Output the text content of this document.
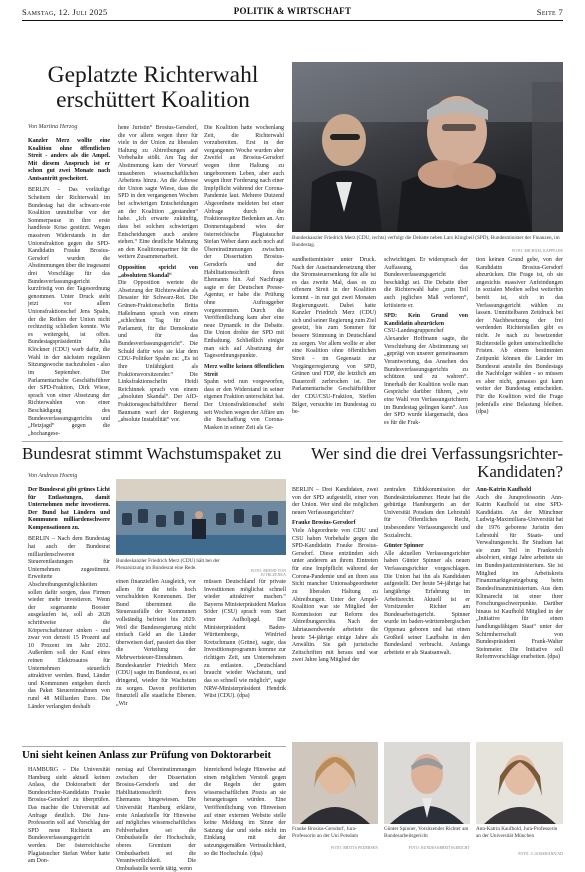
Samstag, 12. Juli 2025	POLITIK & WIRTSCHAFT	Seite 7
Geplatzte Richterwahl erschüttert Koalition
Von Martina Herzog
Kanzler Merz wollte eine Koalition ohne öffentlichen Streit - anders als die Ampel. Mit diesem Anspruch ist er schon gut zwei Monate nach Amtsantritt gescheitert.
BERLIN – Das vorläufige Scheitern der Richterwahl im Bundestag hat die schwarz-rote Koalition unmittelbar vor der Sommerpause in ihre erste handfeste Krise gestürzt. Wegen massiven Widerstands in der Unionsfraktion gegen die SPD-Kandidatin Frauke Brosius-Gersdorf wurden die Abstimmungen über die insgesamt drei Vorschläge für das Bundesverfassungsgericht kurzfristig von der Tagesordnung genommen. Unter Druck steht jetzt vor allem Unionsfraktionschef Jens Spahn, der die Reihen der Union nicht rechtzeitig schließen konnte. Wie es weitergeht, ist offen. Bundestagspräsidentin Julia Klöckner (CDU) warb dafür, die Wahl in der nächsten regulären Sitzungswoche nachzuholen - also im September. Der Parlamentarische Geschäftsführer der SPD-Fraktion, Dirk Wiese, sprach von einer Absetzung der Richterwahlen von einer Beschädigung des Bundesverfassungsgerichts und „Hetzjagd“ gegen die „hochangese-

hene Juristin“ Brosius-Gersdorf, die vor allem wegen ihrer für viele in der Union zu liberalen Haltung zu Abtreibungen auf Vorbehalte stößt. Am Tag der Abstimmung kam der Vorwurf unsauberen wissenschaftlichen Arbeitens hinzu. An die Adresse der Union sagte Wiese, dass die SPD in den vergangenen Wochen bei schwierigen Entscheidungen an der Koalition „gestanden“ habe. „Ich erwarte zukünftig, dass bei solchen schwierigen Entscheidungen auch andere stehen.“ Eine deutliche Mahnung an den Koalitionspartner für die weitere Zusammenarbeit.

Opposition spricht von „absolutem Skandal“

Die Opposition wertete die Absetzung der Richterwahlen als Desaster für Schwarz-Rot. Die Grünen-Fraktionschefin Britta Haßelmann sprach von einem „schlechten Tag für das Parlament, für die Demokratie und für das Bundesverfassungsgericht“. Die Schuld dafür wies sie klar dem CDU-Politiker Spahn zu: „Es ist Ihre Unfähigkeit als Fraktionsvorsitzender.“ Die Linksfraktionschefin Heidi Reichinnek sprach von einem „absoluten Skandal“. Der AfD-Fraktionsgeschäftsführer Bernd Baumann warf der Regierung „absolute Instabilität“ vor.

Die Koalition hatte wochenlang Zeit, die Richterwahl vorzubereiten. Erst in der vergangenen Woche wurden aber Zweifel an Brosius-Gersdorf wegen ihrer Haltung zu ungeborenem Leben, aber auch wegen ihrer Forderung nach einer Impfpflicht während der Corona-Pandemie laut. Mehrere Dutzend Abgeordnete meldeten bei einer Abfrage durch die Fraktionsspitze Bedenken an. Am Donnerstagabend wies der österreichische Plagiatsucher Stefan Weber dann auch noch auf Übereinstimmungen zwischen der Dissertation Brosius-Gersdorfs und der Habilitationsschrift ihres Ehemanns hin. Auf Nachfrage sagte er der Deutschen Presse-Agentur, er habe die Prüfung ohne Auftraggeber vorgenommen. Durch die Veröffentlichung kam aber eine neue Dynamik in die Debatte. Die Union drohte der SPD mit Enthaltung. Schließlich einigte man sich auf Absetzung der Tagesordnungspunkte.

Merz wollte keinen öffentlichen Streit

Spahn wird nun vorgeworfen, dass er den Widerstand in seiner eigenen Fraktion unterschätzt hat. Der Unionsfraktionschef steht seit Wochen wegen der Affäre um die Beschaffung von Corona-Masken in seiner Zeit als Ge-

Bundeskanzler Friedrich Merz (CDU, rechts) verfolgt die Debatte neben Lars Klingbeil (SPD), Bundesminister der Finanzen, im Bundestag.
FOTO: MICHAEL KAPPELER

sundheitsminister unter Druck. Nach der Auseinandersetzung über die Stromsteuersenkung für alle ist es das zweite Mal, dass es zu offenem Streit in der Koalition kommt - in nur gut zwei Monaten Regierungszeit. Dabei hatte Kanzler Friedrich Merz (CDU) sich und seiner Regierung zum Ziel gesetzt, bis zum Sommer für bessere Stimmung in Deutschland zu sorgen. Vor allem wollte er aber eine Koalition ohne öffentlichen Streit - im Gegensatz zur Vorgängerregierung von SPD, Grünen und FDP, die letztlich am Dauerzoff zerbrochen ist. Der Parlamentarische Geschäftsführer der CDU/CSU-Fraktion, Steffen Bilger, versuchte im Bundestag zu be-

schwichtigen. Er widersprach der Auffassung, das Bundesverfassungsgericht beschädigt sei. Die Debatte über die Richterwahl habe „zum Teil auch jegliches Maß verloren“, kritisierte er.

SPD: Kein Grund von Kandidatin abzurücken

CSU-Landesgruppenchef Alexander Hoffmann sagte, die Verschiebung der Abstimmung sei „geprägt von unserer gemeinsamen Verantwortung, das Ansehen des Bundesverfassungsgerichts zu schützen und zu wahren“. Innerhalb der Koalition wolle man Gespräche darüber führen, „wie eine Wahl von Verfassungsrichtern im Bundestag gelingen kann“. Aus der SPD wurde klargemacht, dass es für die Frak-

tion keinen Grund gebe, von der Kandidatin Brosius-Gersdorf abzurücken. Die Frage ist, ob sie angesichts massiver Anfeindungen in sozialen Medien selbst weiterhin bereit ist, sich in das Verfassungsgericht wählen zu lassen. Unmittelbaren Zeitdruck bei der Nachbesetzung der frei werdenden Richterstellen gibt es nicht. Je nach zu besetzender Richterstelle gelten unterschiedliche Fristen. Ab einem bestimmten Zeitpunkt können die Länder im Bundesrat anstelle des Bundestags die Nachfolger wählen - so müssen es aber nicht, genauso gut kann weiter der Bundestag entscheiden. Für die Koalition wird die Frage jedenfalls eine Belastung bleiben. (dpa)

Bundesrat stimmt Wachstumspaket zu
Von Andreas Hoenig
Der Bundesrat gibt grünes Licht für Entlastungen, damit Unternehmen mehr investieren. Der Bund hat Ländern und Kommunen milliardenschwere Kompensationen zu.
BERLIN – Nach dem Bundestag hat auch der Bundesrat milliardenschweren Steuerentlastungen für Unternehmen zugestimmt. Erweiterte Abschreibungsmöglichkeiten sollen dafür sorgen, dass Firmen wieder mehr investieren. Wenn der sogenannte Booster ausgelaufen ist, soll ab 2028 schrittweise die Körperschaftsteuer sinken - und zwar von derzeit 15 Prozent auf 10 Prozent im Jahr 2032. Außerdem soll der Kauf eines reinen Elektroautos für Unternehmen steuerlich attraktiver werden. Bund, Länder und Kommunen entgehen durch das Paket Steuereinnahmen von rund 48 Milliarden Euro. Die Länder verlangten deshalb
Bundeskanzler Friedrich Merz (CDU) hält bei der Plenarsitzung im Bundesrat eine Rede.
FOTO: BERND VON JUTRCZENKA

einen finanziellen Ausgleich, vor allem für die teils hoch verschuldeten Kommunen. Der Bund übernimmt die Steuerausfälle der Kommunen vollständig befristet bis 2029. Weil die Bundesregierung nicht einfach Geld an die Länder überweisen darf, passiert das über die Verteilung der Mehrwertsteuer-Einnahmen. Bundeskanzler Friedrich Merz (CDU) sagte im Bundesrat, es sei dringend, wieder für Wachstum zu sorgen. Davon profitierten finanziell alle staatliche Ebenen. „Wir

müssen Deutschland für private Investitionen möglichst schnell wieder attraktiver machen.“ Bayerns Ministerpräsident Markus Söder (CSU) sprach vom Start einer Aufholjagd. Der Ministerpräsident Baden-Württembergs, Winfried Kretschmann (Grüne), sagte, das Investitionsprogramm komme zur richtigen Zeit, um Unternehmen zu entlasten. „Deutschland braucht wieder Wachstum, und das so schnell wie möglich“, sagte NRW-Ministerpräsident Hendrik Wüst (CDU). (dpa)

Wer sind die drei Verfassungsrichter-Kandidaten?

BERLIN – Drei Kandidaten, zwei von der SPD aufgestellt, einer von der Union. Wer sind die möglichen neuen Verfassungsrichter?

Frauke Brosius-Gersdorf

Viele Abgeordnete von CDU und CSU haben Vorbehalte gegen die SPD-Kandidatin Frauke Brosius-Gersdorf. Diese entzünden sich unter anderem an ihrem Eintreten für eine Impfpflicht während der Corona-Pandemie und an ihren aus Sicht mancher Unionsabgeordneter zu liberalen Haltung zu Abtreibungen. Unter der Ampel-Koalition war sie Mitglied der Kommission zur Reform des Abtreibungsrechts. Nach der Jahrtausendwende arbeitete die heute 54-jährige einige Jahre als Anwältin. Sie gab juristische Zeitschriften mit heraus und war zwei Jahre lang Mitglied der

zentralen Ethikkommission der Bundesärztekammer. Heute hat die gebürtige Hamburgerin an der Universität Potsdam den Lehrstuhl für Öffentliches Recht, insbesondere Verfassungsrecht und Sozialrecht.

Günter Spinner

Alle aktuellen Verfassungsrichter haben Günter Spinner als neuen Verfassungsrichter vorgeschlagen. Die Union hat ihn als Kandidaten aufgestellt. Der heute 54-jährige hat langjährige Erfahrung im Arbeitsrecht. Aktuell ist er Vorsitzender Richter am Bundesarbeitsgericht. Spinner wurde im baden-württembergischen Oppenau geboren und hat einen Großteil seiner Laufbahn in den Bundesland verbracht. Anfangs arbeitete er als Staatsanwalt.

Ann-Katrin Kaufhold

Auch die Juraprofessorin Ann-Katrin Kaufhold ist eine SPD-Kandidatin. An der Münchner Ludwig-Maximilians-Universität hat die 1976 geborene Juristin den Lehrstuhl für Staats- und Verwaltungsrecht. Ihr Studium hat sie zum Teil in Frankreich absolviert, einige Jahre arbeitete sie im Bundesjustizministerium. Sie ist Mitglied im Arbeitskreis Finanzmarktgesetzgebung beim Bundesfinanzministerium. Aus dem Klimarecht ist einer ihrer Forschungsschwerpunkte. Darüber hinaus ist Kaufhold Mitglied in der „Initiative für einen handlungsfähigen Staat“ unter der Schirmherrschaft von Bundespräsident Frank-Walter Steinmeier. Die Initiative soll Reformvorschläge erarbeiten. (dpa)

Frauke Brosius-Gersdorf, Jura-Professorin an der Uni Potsdam
FOTO: BRITTA PEDERSEN
Günter Spinner, Vorsitzender Richter am Bundesarbeitsgericht
FOTO: BUNDESARBEITSGERICHT
Ann-Katrin Kaufhold, Jura-Professorin an der Universität München
FOTO: C.GOSSMANN/AD
Uni sieht keinen Anlass zur Prüfung von Doktorarbeit

HAMBURG – Die Universität Hamburg sieht aktuell keinen Anlass, die Doktorarbeit der Bundesrichter-Kandidatin Frauke Brosius-Gersdorf zu überprüfen. Das machte die Universität auf Anfrage deutlich. Die Jura-Professorin soll auf Vorschlag der SPD neue Richterin am Bundesverfassungsgericht werden. Der österreichische Plagiatsucher Stefan Weber hatte am Don-

nerstag auf Übereinstimmungen zwischen der Dissertation Brosius-Gersdorfs und der Habilitationsschrift ihres Ehemanns hingewiesen. Die Universität Hamburg erklärte, erste Anlaufstelle für Hinweise auf mögliches wissenschaftliches Fehlverhalten sei die Ombudsstelle der Hochschule, oberes Gremium der Ombudsarbeit sei die Verantwortlichkeit. Die Ombudsstelle werde tätig, wenn

hinreichend belegte Hinweise auf einen möglichen Verstoß gegen die Regeln der guten wissenschaftlichen Praxis an sie herangetragen würden. Eine Veröffentlichung von Hinweisen auf einer externen Website stelle keine Meldung im Sinne der Satzung dar und stehe nicht im Einklang mit der satzungsgemäßen Vertraulichkeit, so die Hochschule. (dpa)
